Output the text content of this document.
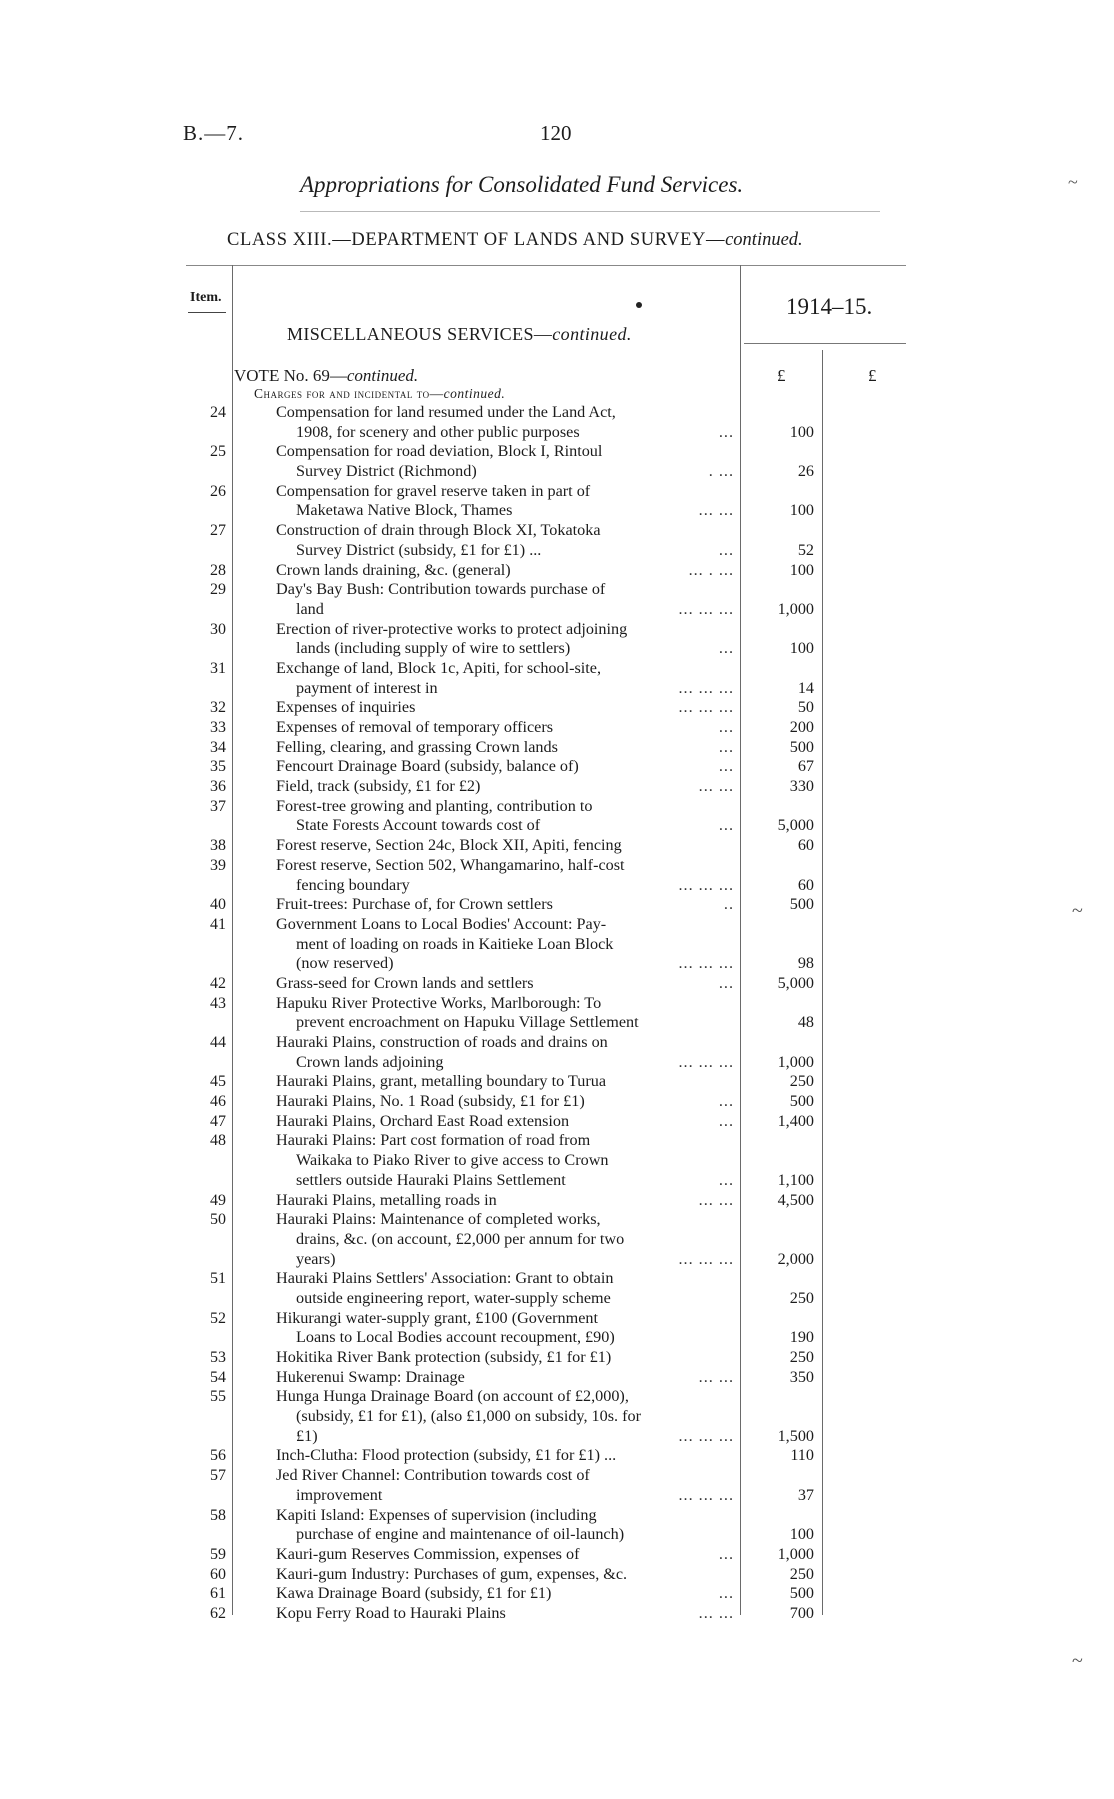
B.—7.	120
Appropriations for Consolidated Fund Services.
CLASS XIII.—DEPARTMENT OF LANDS AND SURVEY—continued.
Item.	1914–15.
MISCELLANEOUS SERVICES—continued.
VOTE No. 69—continued.
Charges for and incidental to—continued.
£	£
24	Compensation for land resumed under the Land Act,
1908, for scenery and other public purposes	...	100
25	Compensation for road deviation, Block I, Rintoul
Survey District (Richmond)	. ...	26
26	Compensation for gravel reserve taken in part of
Maketawa Native Block, Thames	... ...	100
27	Construction of drain through Block XI, Tokatoka
Survey District (subsidy, £1 for £1) ...	...	52
28	Crown lands draining, &c. (general)	... . ...	100
29	Day's Bay Bush: Contribution towards purchase of
land	... ... ...	1,000
30	Erection of river-protective works to protect adjoining
lands (including supply of wire to settlers)	...	100
31	Exchange of land, Block 1c, Apiti, for school-site,
payment of interest in	... ... ...	14
32	Expenses of inquiries	... ... ...	50
33	Expenses of removal of temporary officers	...	200
34	Felling, clearing, and grassing Crown lands	...	500
35	Fencourt Drainage Board (subsidy, balance of)	...	67
36	Field, track (subsidy, £1 for £2)	... ...	330
37	Forest-tree growing and planting, contribution to
State Forests Account towards cost of	...	5,000
38	Forest reserve, Section 24c, Block XII, Apiti, fencing	60
39	Forest reserve, Section 502, Whangamarino, half-cost
fencing boundary	... ... ...	60
40	Fruit-trees: Purchase of, for Crown settlers	..	500
41	Government Loans to Local Bodies' Account: Pay-
ment of loading on roads in Kaitieke Loan Block
(now reserved)	... ... ...	98
42	Grass-seed for Crown lands and settlers	...	5,000
43	Hapuku River Protective Works, Marlborough: To
prevent encroachment on Hapuku Village Settlement	48
44	Hauraki Plains, construction of roads and drains on
Crown lands adjoining	... ... ...	1,000
45	Hauraki Plains, grant, metalling boundary to Turua	250
46	Hauraki Plains, No. 1 Road (subsidy, £1 for £1)	...	500
47	Hauraki Plains, Orchard East Road extension	...	1,400
48	Hauraki Plains: Part cost formation of road from
Waikaka to Piako River to give access to Crown
settlers outside Hauraki Plains Settlement	...	1,100
49	Hauraki Plains, metalling roads in	... ...	4,500
50	Hauraki Plains: Maintenance of completed works,
drains, &c. (on account, £2,000 per annum for two
years)	... ... ...	2,000
51	Hauraki Plains Settlers' Association: Grant to obtain
outside engineering report, water-supply scheme	250
52	Hikurangi water-supply grant, £100 (Government
Loans to Local Bodies account recoupment, £90)	190
53	Hokitika River Bank protection (subsidy, £1 for £1)	250
54	Hukerenui Swamp: Drainage	... ...	350
55	Hunga Hunga Drainage Board (on account of £2,000),
(subsidy, £1 for £1), (also £1,000 on subsidy, 10s. for
£1)	... ... ...	1,500
56	Inch-Clutha: Flood protection (subsidy, £1 for £1) ...	110
57	Jed River Channel: Contribution towards cost of
improvement	... ... ...	37
58	Kapiti Island: Expenses of supervision (including
purchase of engine and maintenance of oil-launch)	100
59	Kauri-gum Reserves Commission, expenses of	...	1,000
60	Kauri-gum Industry: Purchases of gum, expenses, &c.	250
61	Kawa Drainage Board (subsidy, £1 for £1)	...	500
62	Kopu Ferry Road to Hauraki Plains	... ...	700
~
~
~
